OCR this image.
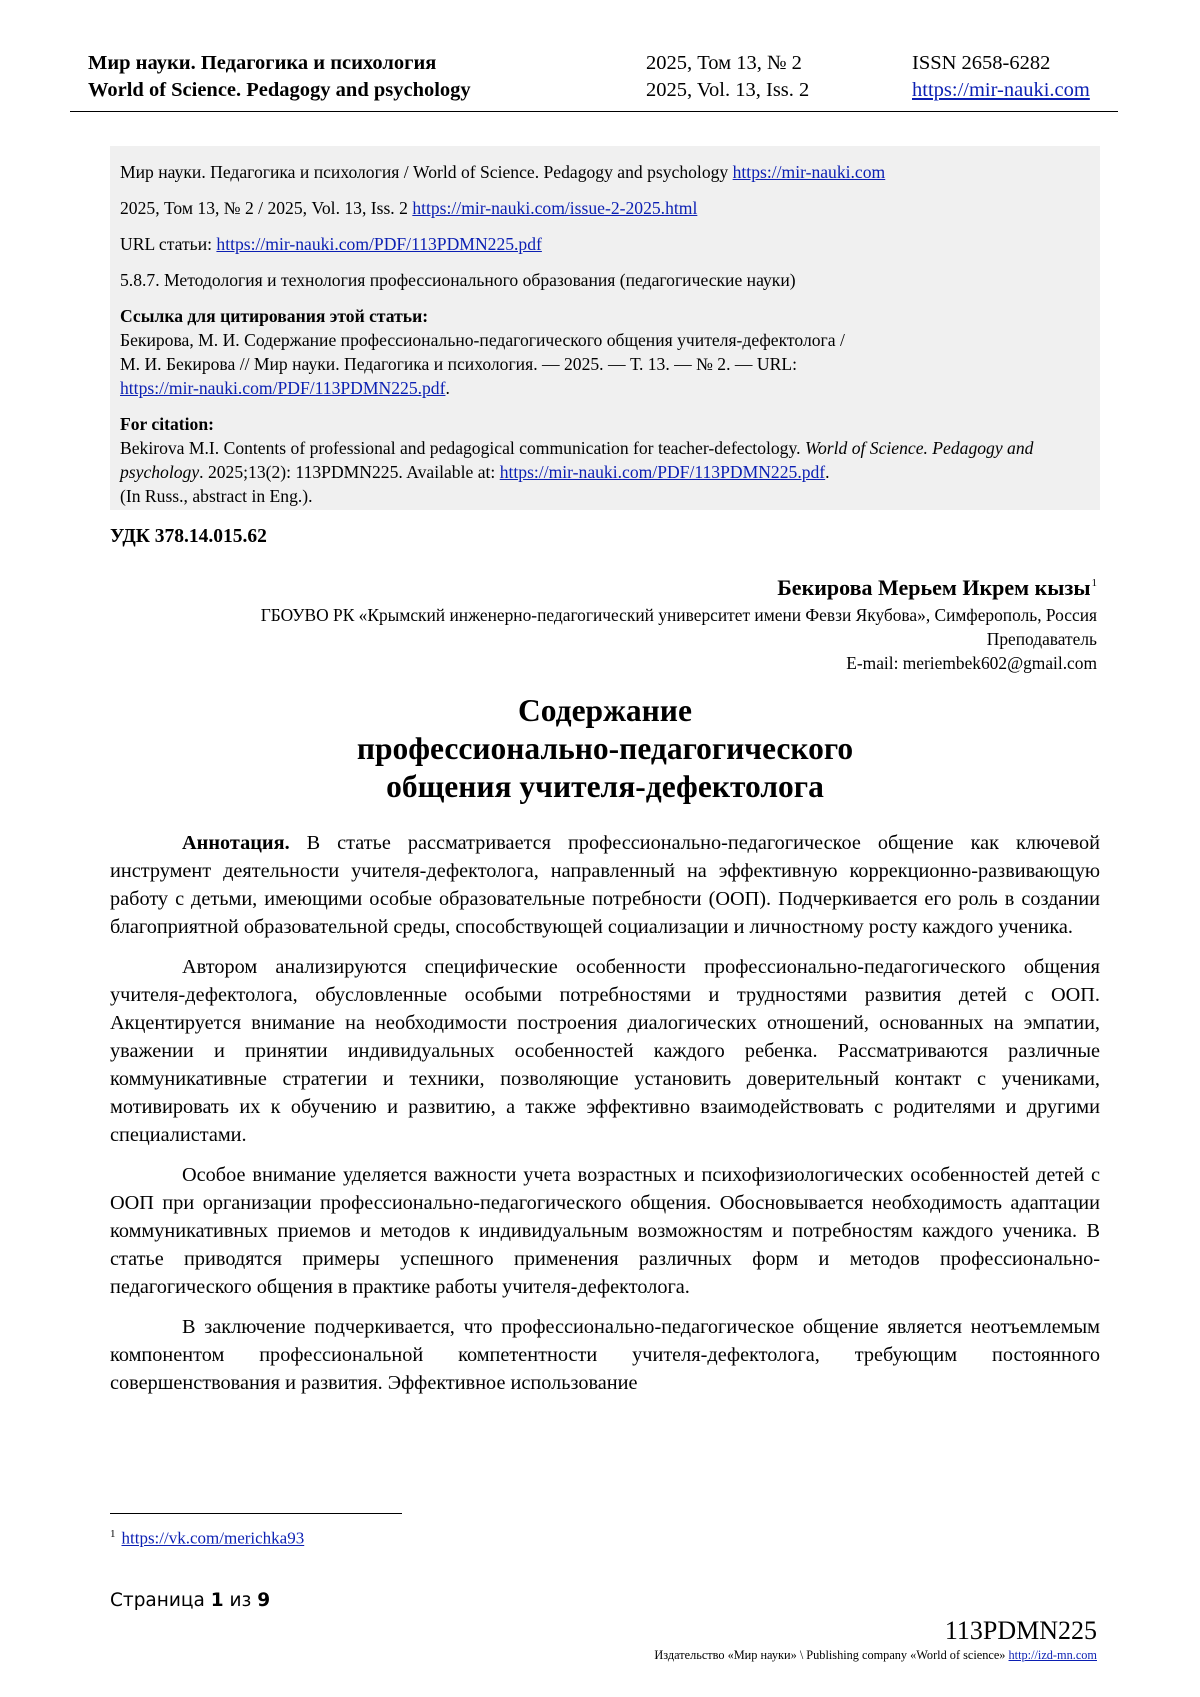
Мир науки. Педагогика и психология
World of Science. Pedagogy and psychology
2025, Том 13, № 2
2025, Vol. 13, Iss. 2
ISSN 2658-6282
https://mir-nauki.com

Мир науки. Педагогика и психология / World of Science. Pedagogy and psychology https://mir-nauki.com

2025, Том 13, № 2 / 2025, Vol. 13, Iss. 2 https://mir-nauki.com/issue-2-2025.html

URL статьи: https://mir-nauki.com/PDF/113PDMN225.pdf

5.8.7. Методология и технология профессионального образования (педагогические науки)

Ссылка для цитирования этой статьи:

Бекирова, М. И. Содержание профессионально-педагогического общения учителя-дефектолога /

М. И. Бекирова // Мир науки. Педагогика и психология. — 2025. — Т. 13. — № 2. — URL:

https://mir-nauki.com/PDF/113PDMN225.pdf.

For citation:

Bekirova M.I. Contents of professional and pedagogical communication for teacher-defectology. World of Science. Pedagogy and psychology. 2025;13(2): 113PDMN225. Available at: https://mir-nauki.com/PDF/113PDMN225.pdf.

(In Russ., abstract in Eng.).

УДК 378.14.015.62
Бекирова Мерьем Икрем кызы$^1$
ГБОУВО РК «Крымский инженерно-педагогический университет имени Февзи Якубова», Симферополь, Россия
Преподаватель
E-mail: meriembek602@gmail.com
Содержание
профессионально-педагогического
общения учителя-дефектолога

Аннотация. В статье рассматривается профессионально-педагогическое общение как ключевой инструмент деятельности учителя-дефектолога, направленный на эффективную коррекционно-развивающую работу с детьми, имеющими особые образовательные потребности (ООП). Подчеркивается его роль в создании благоприятной образовательной среды, способствующей социализации и личностному росту каждого ученика.

Автором анализируются специфические особенности профессионально-педагогического общения учителя-дефектолога, обусловленные особыми потребностями и трудностями развития детей с ООП. Акцентируется внимание на необходимости построения диалогических отношений, основанных на эмпатии, уважении и принятии индивидуальных особенностей каждого ребенка. Рассматриваются различные коммуникативные стратегии и техники, позволяющие установить доверительный контакт с учениками, мотивировать их к обучению и развитию, а также эффективно взаимодействовать с родителями и другими специалистами.

Особое внимание уделяется важности учета возрастных и психофизиологических особенностей детей с ООП при организации профессионально-педагогического общения. Обосновывается необходимость адаптации коммуникативных приемов и методов к индивидуальным возможностям и потребностям каждого ученика. В статье приводятся примеры успешного применения различных форм и методов профессионально-педагогического общения в практике работы учителя-дефектолога.

В заключение подчеркивается, что профессионально-педагогическое общение является неотъемлемым компонентом профессиональной компетентности учителя-дефектолога, требующим постоянного совершенствования и развития. Эффективное использование

$^1$ https://vk.com/merichka93
Страница 1 из 9
113PDMN225
Издательство «Мир науки» \ Publishing company «World of science» http://izd-mn.com
